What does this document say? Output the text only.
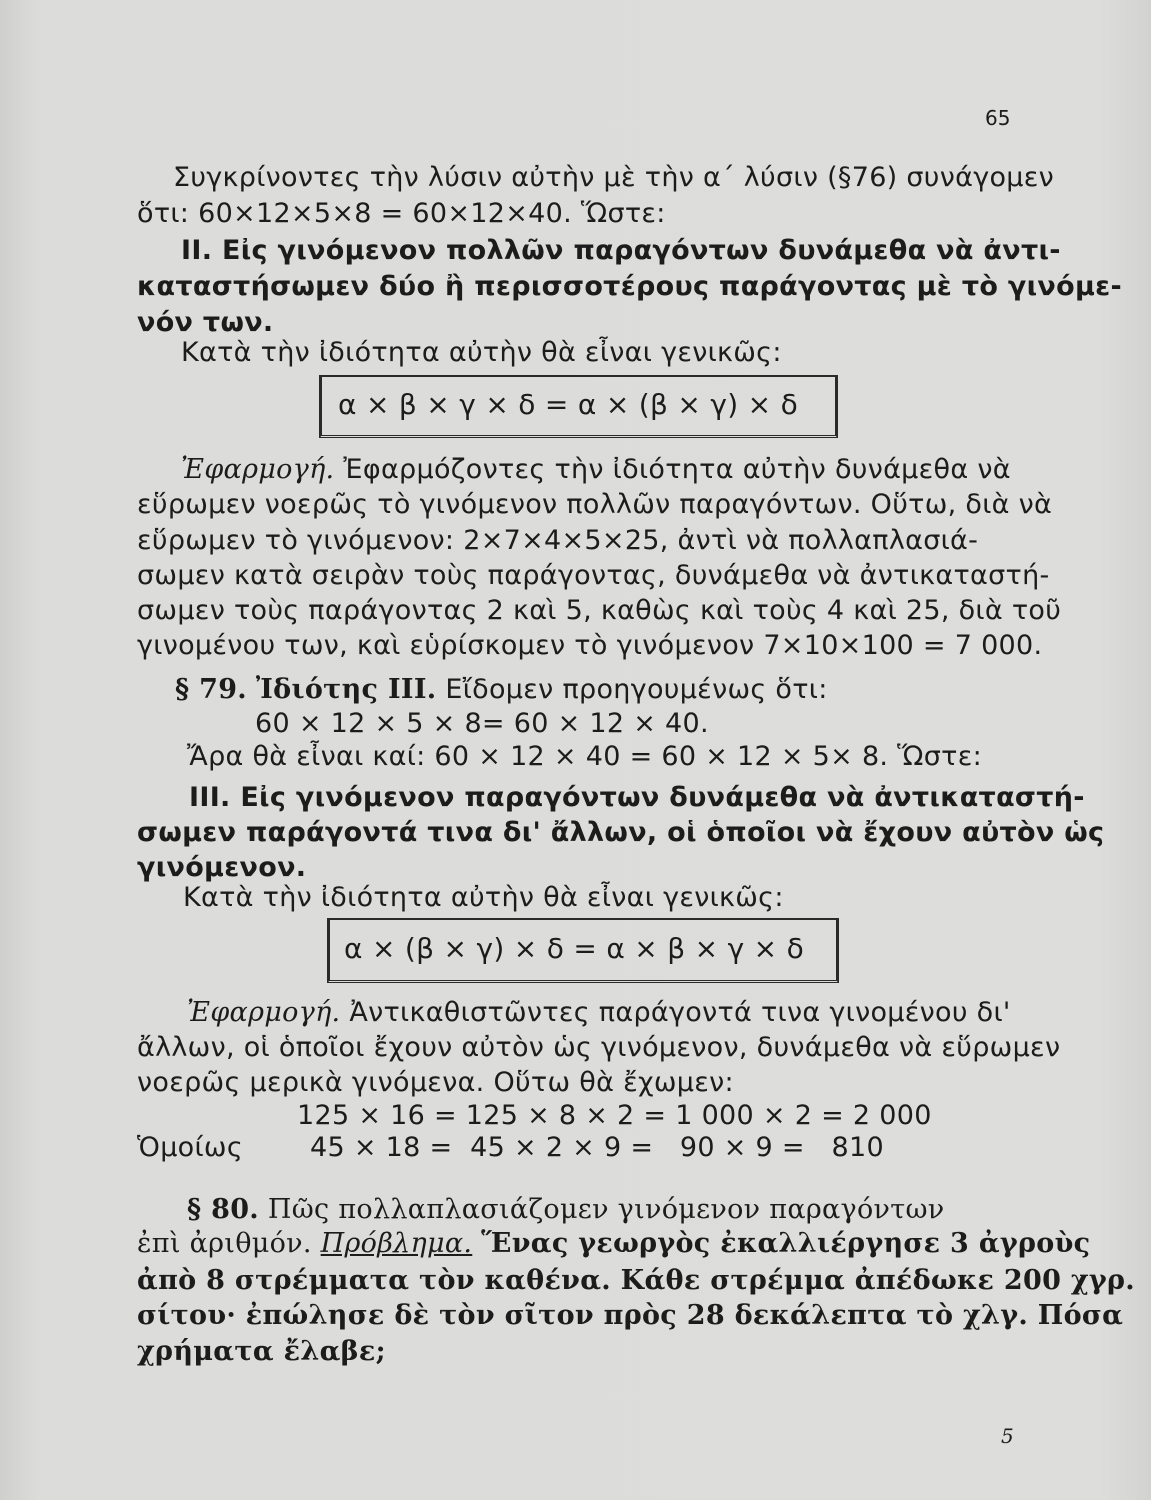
65
Συγκρίνοντες τὴν λύσιν αὐτὴν μὲ τὴν α΄ λύσιν (§76) συνάγομεν
ὅτι: 60×12×5×8 = 60×12×40. Ὥστε:
II. Εἰς γινόμενον πολλῶν παραγόντων δυνάμεθα νὰ ἀντι-
καταστήσωμεν δύο ἢ περισσοτέρους παράγοντας μὲ τὸ γινόμε-
νόν των.
Κατὰ τὴν ἰδιότητα αὐτὴν θὰ εἶναι γενικῶς:
α × β × γ × δ = α × (β × γ) × δ
Ἐφαρμογή. Ἐφαρμόζοντες τὴν ἰδιότητα αὐτὴν δυνάμεθα νὰ
εὕρωμεν νοερῶς τὸ γινόμενον πολλῶν παραγόντων. Οὕτω, διὰ νὰ
εὕρωμεν τὸ γινόμενον: 2×7×4×5×25, ἀντὶ νὰ πολλαπλασιά-
σωμεν κατὰ σειρὰν τοὺς παράγοντας, δυνάμεθα νὰ ἀντικαταστή-
σωμεν τοὺς παράγοντας 2 καὶ 5, καθὼς καὶ τοὺς 4 καὶ 25, διὰ τοῦ
γινομένου των, καὶ εὑρίσκομεν τὸ γινόμενον 7×10×100 = 7 000.
§ 79. Ἰδιότης III. Εἴδομεν προηγουμένως ὅτι:
60 × 12 × 5 × 8= 60 × 12 × 40.
Ἄρα θὰ εἶναι καί: 60 × 12 × 40 = 60 × 12 × 5× 8. Ὥστε:
III. Εἰς γινόμενον παραγόντων δυνάμεθα νὰ ἀντικαταστή-
σωμεν παράγοντά τινα δι' ἄλλων, οἱ ὁποῖοι νὰ ἔχουν αὐτὸν ὡς
γινόμενον.
Κατὰ τὴν ἰδιότητα αὐτὴν θὰ εἶναι γενικῶς:
α × (β × γ) × δ = α × β × γ × δ
Ἐφαρμογή. Ἀντικαθιστῶντες παράγοντά τινα γινομένου δι'
ἄλλων, οἱ ὁποῖοι ἔχουν αὐτὸν ὡς γινόμενον, δυνάμεθα νὰ εὕρωμεν
νοερῶς μερικὰ γινόμενα. Οὕτω θὰ ἔχωμεν:
125 × 16 = 125 × 8 × 2 = 1 000 × 2 = 2 000
Ὁμοίως 45 × 18 =  45 × 2 × 9 =   90 × 9 =   810
§ 80. Πῶς πολλαπλασιάζομεν γινόμενον παραγόντων
ἐπὶ ἀριθμόν. Πρόβλημα. Ἕνας γεωργὸς ἐκαλλιέργησε 3 ἀγροὺς
ἀπὸ 8 στρέμματα τὸν καθένα. Κάθε στρέμμα ἀπέδωκε 200 χγρ.
σίτου· ἐπώλησε δὲ τὸν σῖτον πρὸς 28 δεκάλεπτα τὸ χλγ. Πόσα
χρήματα ἔλαβε;
5
